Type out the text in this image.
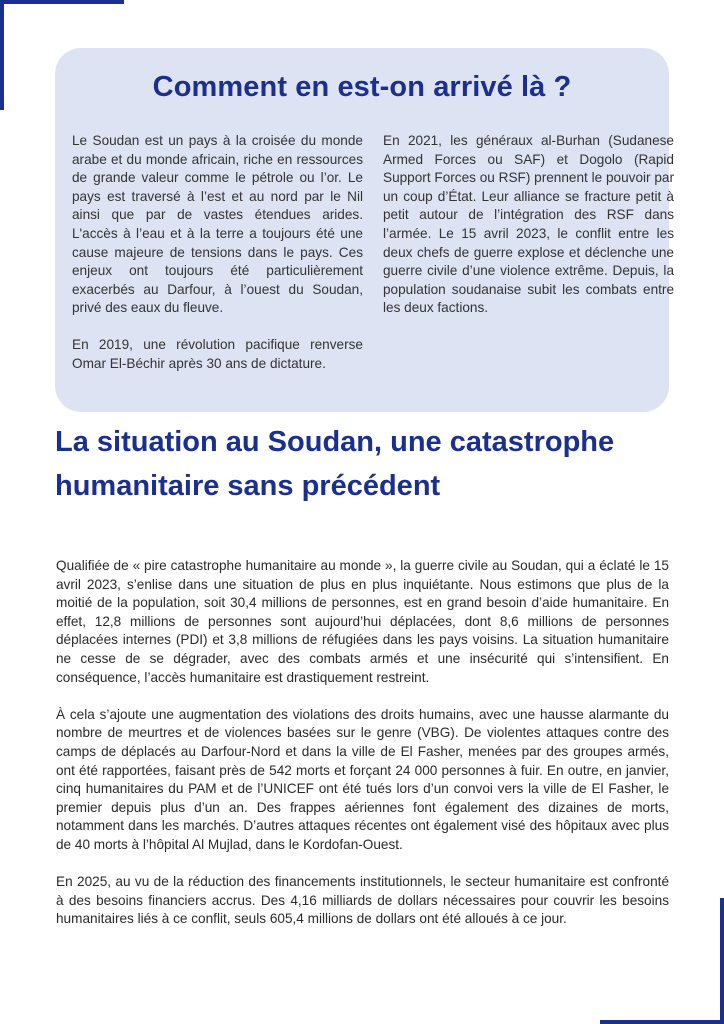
Comment en est-on arrivé là ?

Le Soudan est un pays à la croisée du monde arabe et du monde africain, riche en ressources de grande valeur comme le pétrole ou l’or. Le pays est traversé à l’est et au nord par le Nil ainsi que par de vastes étendues arides. L'accès à l’eau et à la terre a toujours été une cause majeure de tensions dans le pays. Ces enjeux ont toujours été particulièrement exacerbés au Darfour, à l’ouest du Soudan, privé des eaux du fleuve.

En 2019, une révolution pacifique renverse Omar El-Béchir après 30 ans de dictature.

En 2021, les généraux al-Burhan (Sudanese Armed Forces ou SAF) et Dogolo (Rapid Support Forces ou RSF) prennent le pouvoir par un coup d’État. Leur alliance se fracture petit à petit autour de l’intégration des RSF dans l’armée. Le 15 avril 2023, le conflit entre les deux chefs de guerre explose et déclenche une guerre civile d’une violence extrême. Depuis, la population soudanaise subit les combats entre les deux factions.

La situation au Soudan, une catastrophe humanitaire sans précédent

Qualifiée de « pire catastrophe humanitaire au monde », la guerre civile au Soudan, qui a éclaté le 15 avril 2023, s’enlise dans une situation de plus en plus inquiétante. Nous estimons que plus de la moitié de la population, soit 30,4 millions de personnes, est en grand besoin d’aide humanitaire. En effet, 12,8 millions de personnes sont aujourd’hui déplacées, dont 8,6 millions de personnes déplacées internes (PDI) et 3,8 millions de réfugiées dans les pays voisins. La situation humanitaire ne cesse de se dégrader, avec des combats armés et une insécurité qui s’intensifient. En conséquence, l’accès humanitaire est drastiquement restreint.

À cela s’ajoute une augmentation des violations des droits humains, avec une hausse alarmante du nombre de meurtres et de violences basées sur le genre (VBG). De violentes attaques contre des camps de déplacés au Darfour-Nord et dans la ville de El Fasher, menées par des groupes armés, ont été rapportées, faisant près de 542 morts et forçant 24 000 personnes à fuir. En outre, en janvier, cinq humanitaires du PAM et de l’UNICEF ont été tués lors d’un convoi vers la ville de El Fasher, le premier depuis plus d’un an. Des frappes aériennes font également des dizaines de morts, notamment dans les marchés. D’autres attaques récentes ont également visé des hôpitaux avec plus de 40 morts à l’hôpital Al Mujlad, dans le Kordofan-Ouest.

En 2025, au vu de la réduction des financements institutionnels, le secteur humanitaire est confronté à des besoins financiers accrus. Des 4,16 milliards de dollars nécessaires pour couvrir les besoins humanitaires liés à ce conflit, seuls 605,4 millions de dollars ont été alloués à ce jour.
